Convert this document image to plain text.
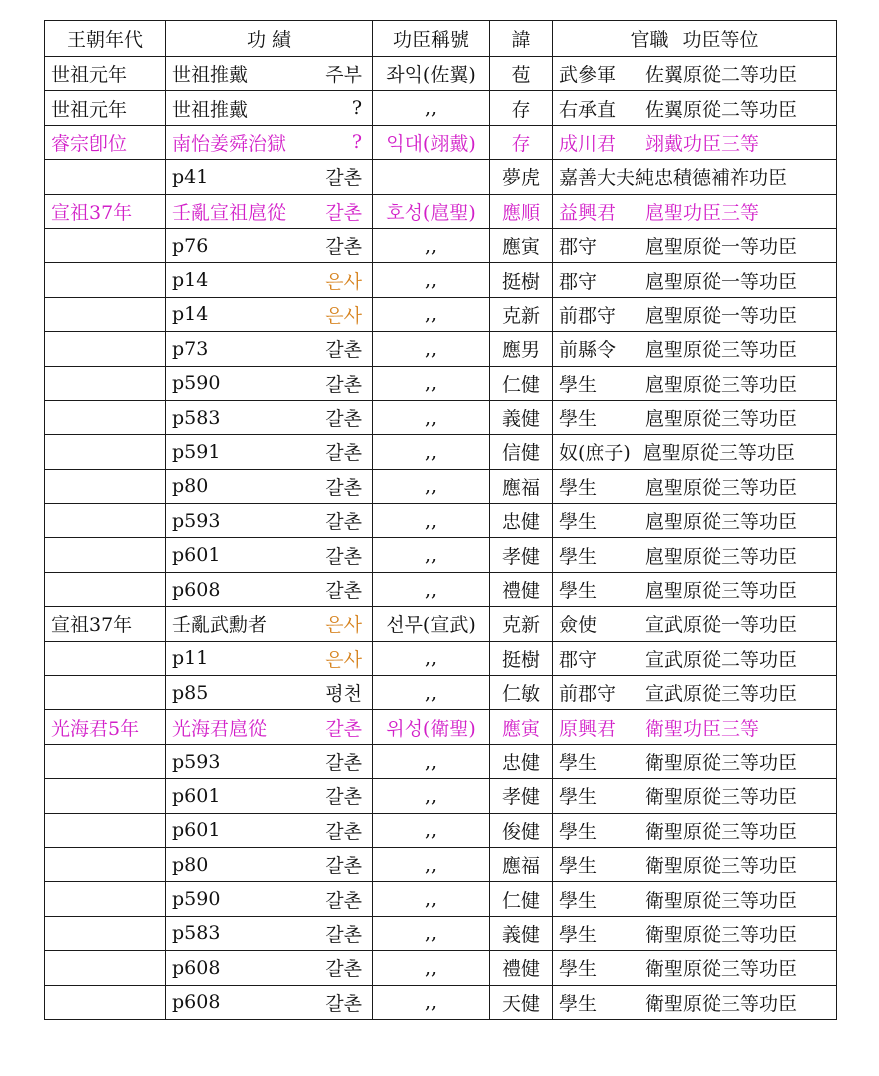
王朝年代	功 績	功臣稱號	諱	官職 功臣等位
世祖元年	世祖推戴 주부	좌익(佐翼)	苞	武參軍 佐翼原從二等功臣

世祖元年	世祖推戴 ?	,,	存	右承直 佐翼原從二等功臣

睿宗卽位	南怡姜舜治獄 ?	익대(翊戴)	存	成川君 翊戴功臣三等

	p41 갈촌		夢虎	嘉善大夫純忠積德補祚功臣

宣祖37年	壬亂宣祖扈從 갈촌	호성(扈聖)	應順	益興君 扈聖功臣三等

	p76 갈촌	,,	應寅	郡守 扈聖原從一等功臣

	p14 은사	,,	挺樹	郡守 扈聖原從一等功臣

	p14 은사	,,	克新	前郡守 扈聖原從一等功臣

	p73 갈촌	,,	應男	前縣令 扈聖原從三等功臣

	p590 갈촌	,,	仁健	學生 扈聖原從三等功臣

	p583 갈촌	,,	義健	學生 扈聖原從三等功臣

	p591 갈촌	,,	信健	奴(庶子) 扈聖原從三等功臣

	p80 갈촌	,,	應福	學生 扈聖原從三等功臣

	p593 갈촌	,,	忠健	學生 扈聖原從三等功臣

	p601 갈촌	,,	孝健	學生 扈聖原從三等功臣

	p608 갈촌	,,	禮健	學生 扈聖原從三等功臣

宣祖37年	壬亂武勳者 은사	선무(宣武)	克新	僉使 宣武原從一等功臣

	p11 은사	,,	挺樹	郡守 宣武原從二等功臣

	p85 평천	,,	仁敏	前郡守 宣武原從三等功臣

光海君5年	光海君扈從 갈촌	위성(衛聖)	應寅	原興君 衛聖功臣三等

	p593 갈촌	,,	忠健	學生 衛聖原從三等功臣

	p601 갈촌	,,	孝健	學生 衛聖原從三等功臣

	p601 갈촌	,,	俊健	學生 衛聖原從三等功臣

	p80 갈촌	,,	應福	學生 衛聖原從三等功臣

	p590 갈촌	,,	仁健	學生 衛聖原從三等功臣

	p583 갈촌	,,	義健	學生 衛聖原從三等功臣

	p608 갈촌	,,	禮健	學生 衛聖原從三等功臣

	p608 갈촌	,,	天健	學生 衛聖原從三等功臣
